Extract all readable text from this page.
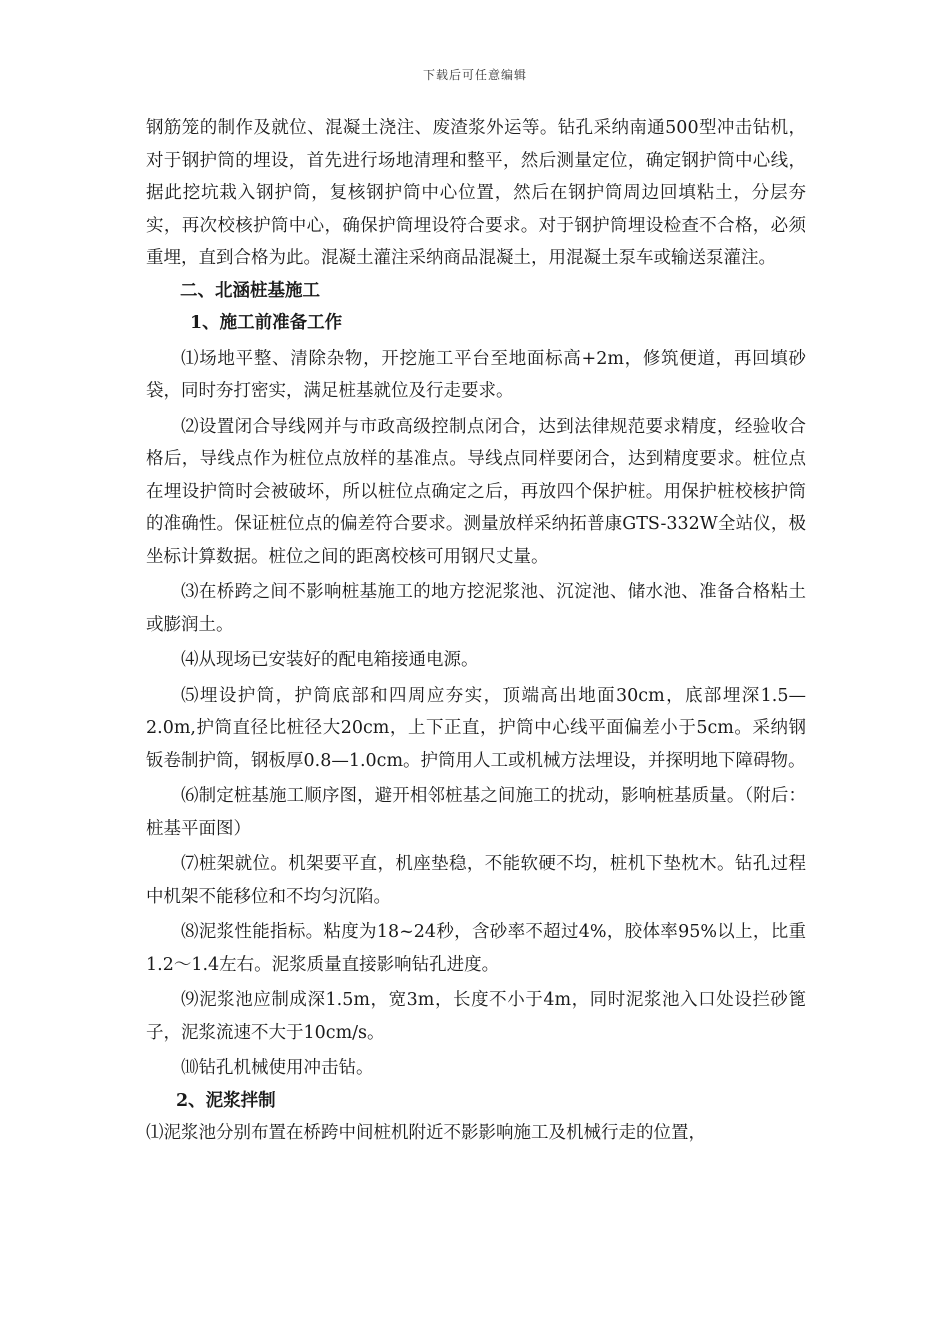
下载后可任意编辑

钢筋笼的制作及就位、混凝土浇注、废渣浆外运等。钻孔采纳南通500型冲击钻机，对于钢护筒的埋设，首先进行场地清理和整平，然后测量定位，确定钢护筒中心线，据此挖坑栽入钢护筒，复核钢护筒中心位置，然后在钢护筒周边回填粘土，分层夯实，再次校核护筒中心，确保护筒埋设符合要求。对于钢护筒埋设检查不合格，必须重埋，直到合格为此。混凝土灌注采纳商品混凝土，用混凝土泵车或输送泵灌注。

二、北涵桩基施工

1、施工前准备工作

⑴场地平整、清除杂物，开挖施工平台至地面标高+2m，修筑便道，再回填砂袋，同时夯打密实，满足桩基就位及行走要求。

⑵设置闭合导线网并与市政高级控制点闭合，达到法律规范要求精度，经验收合格后，导线点作为桩位点放样的基准点。导线点同样要闭合，达到精度要求。桩位点在埋设护筒时会被破坏，所以桩位点确定之后，再放四个保护桩。用保护桩校核护筒的准确性。保证桩位点的偏差符合要求。测量放样采纳拓普康GTS-332W全站仪，极坐标计算数据。桩位之间的距离校核可用钢尺丈量。

⑶在桥跨之间不影响桩基施工的地方挖泥浆池、沉淀池、储水池、准备合格粘土或膨润土。

⑷从现场已安装好的配电箱接通电源。

⑸埋设护筒，护筒底部和四周应夯实，顶端高出地面30cm，底部埋深1.5—2.0m,护筒直径比桩径大20cm，上下正直，护筒中心线平面偏差小于5cm。采纳钢钣卷制护筒，钢板厚0.8—1.0cm。护筒用人工或机械方法埋设，并探明地下障碍物。

⑹制定桩基施工顺序图，避开相邻桩基之间施工的扰动，影响桩基质量。（附后：桩基平面图）

⑺桩架就位。机架要平直，机座垫稳，不能软硬不均，桩机下垫枕木。钻孔过程中机架不能移位和不均匀沉陷。

⑻泥浆性能指标。粘度为18~24秒，含砂率不超过4%，胶体率95%以上，比重1.2～1.4左右。泥浆质量直接影响钻孔进度。

⑼泥浆池应制成深1.5m，宽3m，长度不小于4m，同时泥浆池入口处设拦砂篦子，泥浆流速不大于10cm/s。

⑽钻孔机械使用冲击钻。

2、泥浆拌制

⑴泥浆池分别布置在桥跨中间桩机附近不影影响施工及机械行走的位置，
